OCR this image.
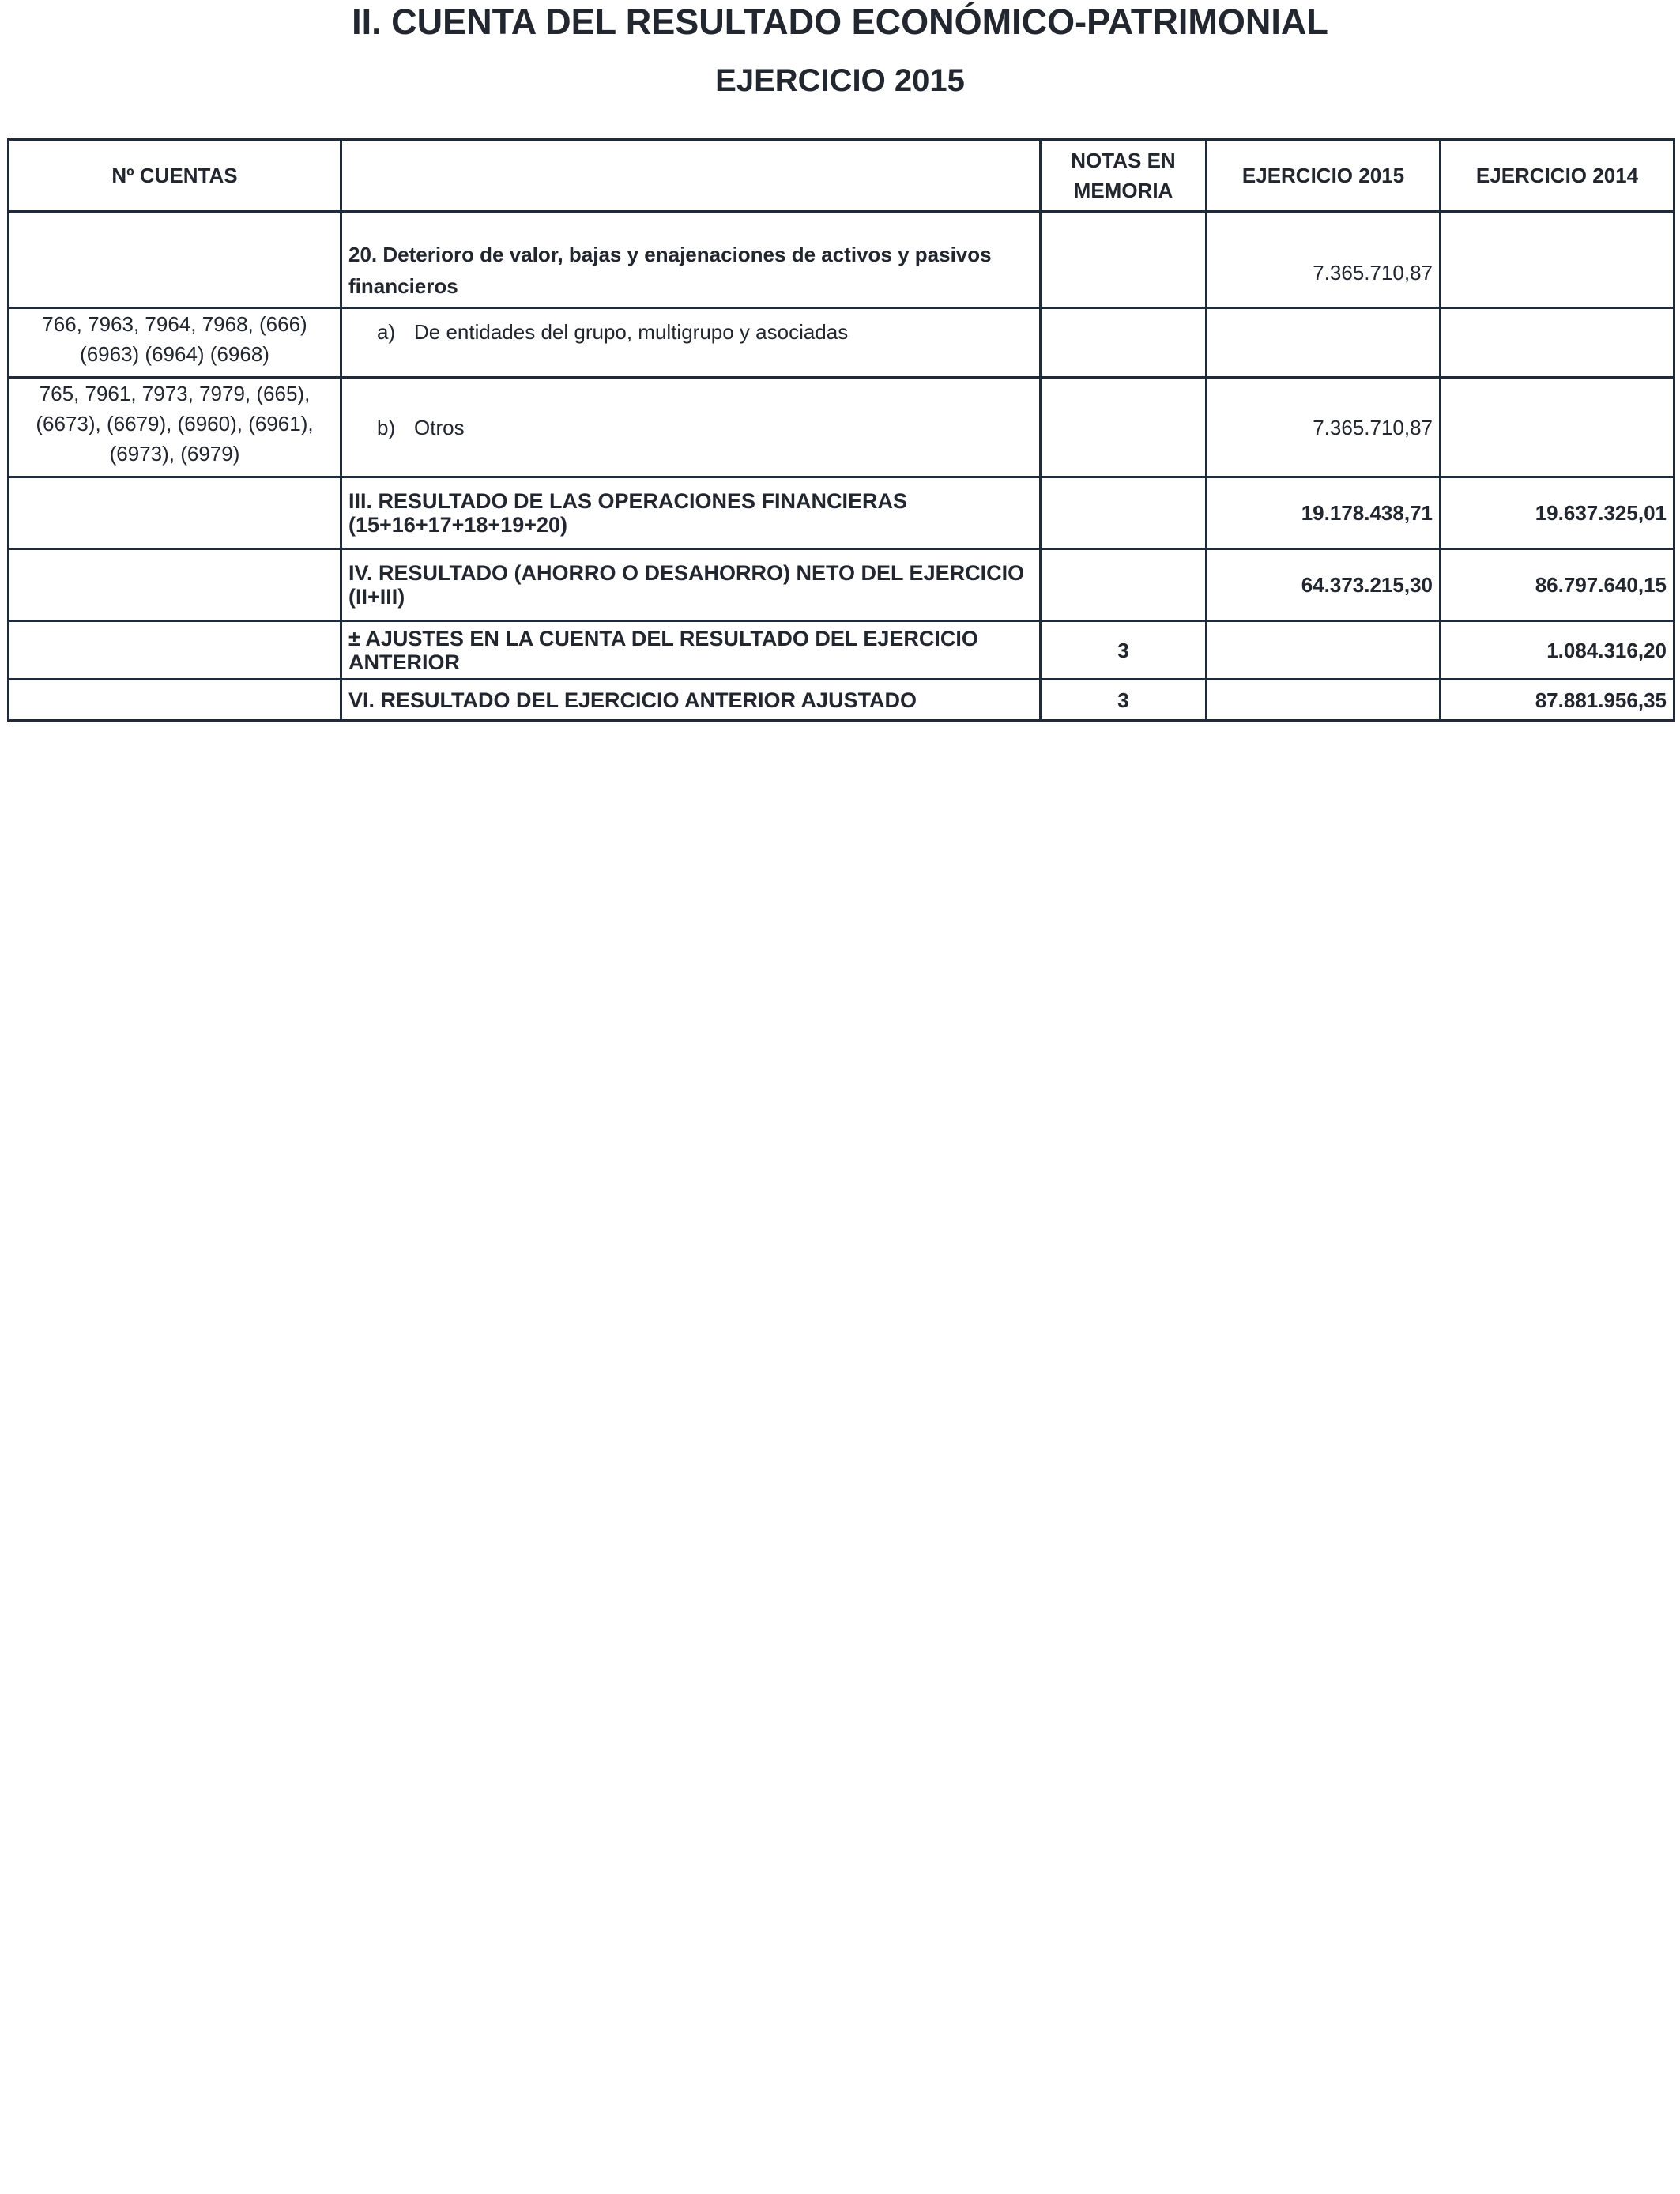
II. CUENTA DEL RESULTADO ECONÓMICO-PATRIMONIAL
EJERCICIO 2015
Nº CUENTAS		NOTAS EN MEMORIA	EJERCICIO 2015	EJERCICIO 2014
	20. Deterioro de valor, bajas y enajenaciones de activos y pasivos financieros		7.365.710,87	
766, 7963, 7964, 7968, (666) (6963) (6964) (6968)	a) De entidades del grupo, multigrupo y asociadas			
765, 7961, 7973, 7979, (665), (6673), (6679), (6960), (6961), (6973), (6979)	b) Otros		7.365.710,87	
	III. RESULTADO DE LAS OPERACIONES FINANCIERAS (15+16+17+18+19+20)		19.178.438,71	19.637.325,01
	IV. RESULTADO (AHORRO O DESAHORRO) NETO DEL EJERCICIO (II+III)		64.373.215,30	86.797.640,15
	± AJUSTES EN LA CUENTA DEL RESULTADO DEL EJERCICIO ANTERIOR	3		1.084.316,20
	VI. RESULTADO DEL EJERCICIO ANTERIOR AJUSTADO	3		87.881.956,35
